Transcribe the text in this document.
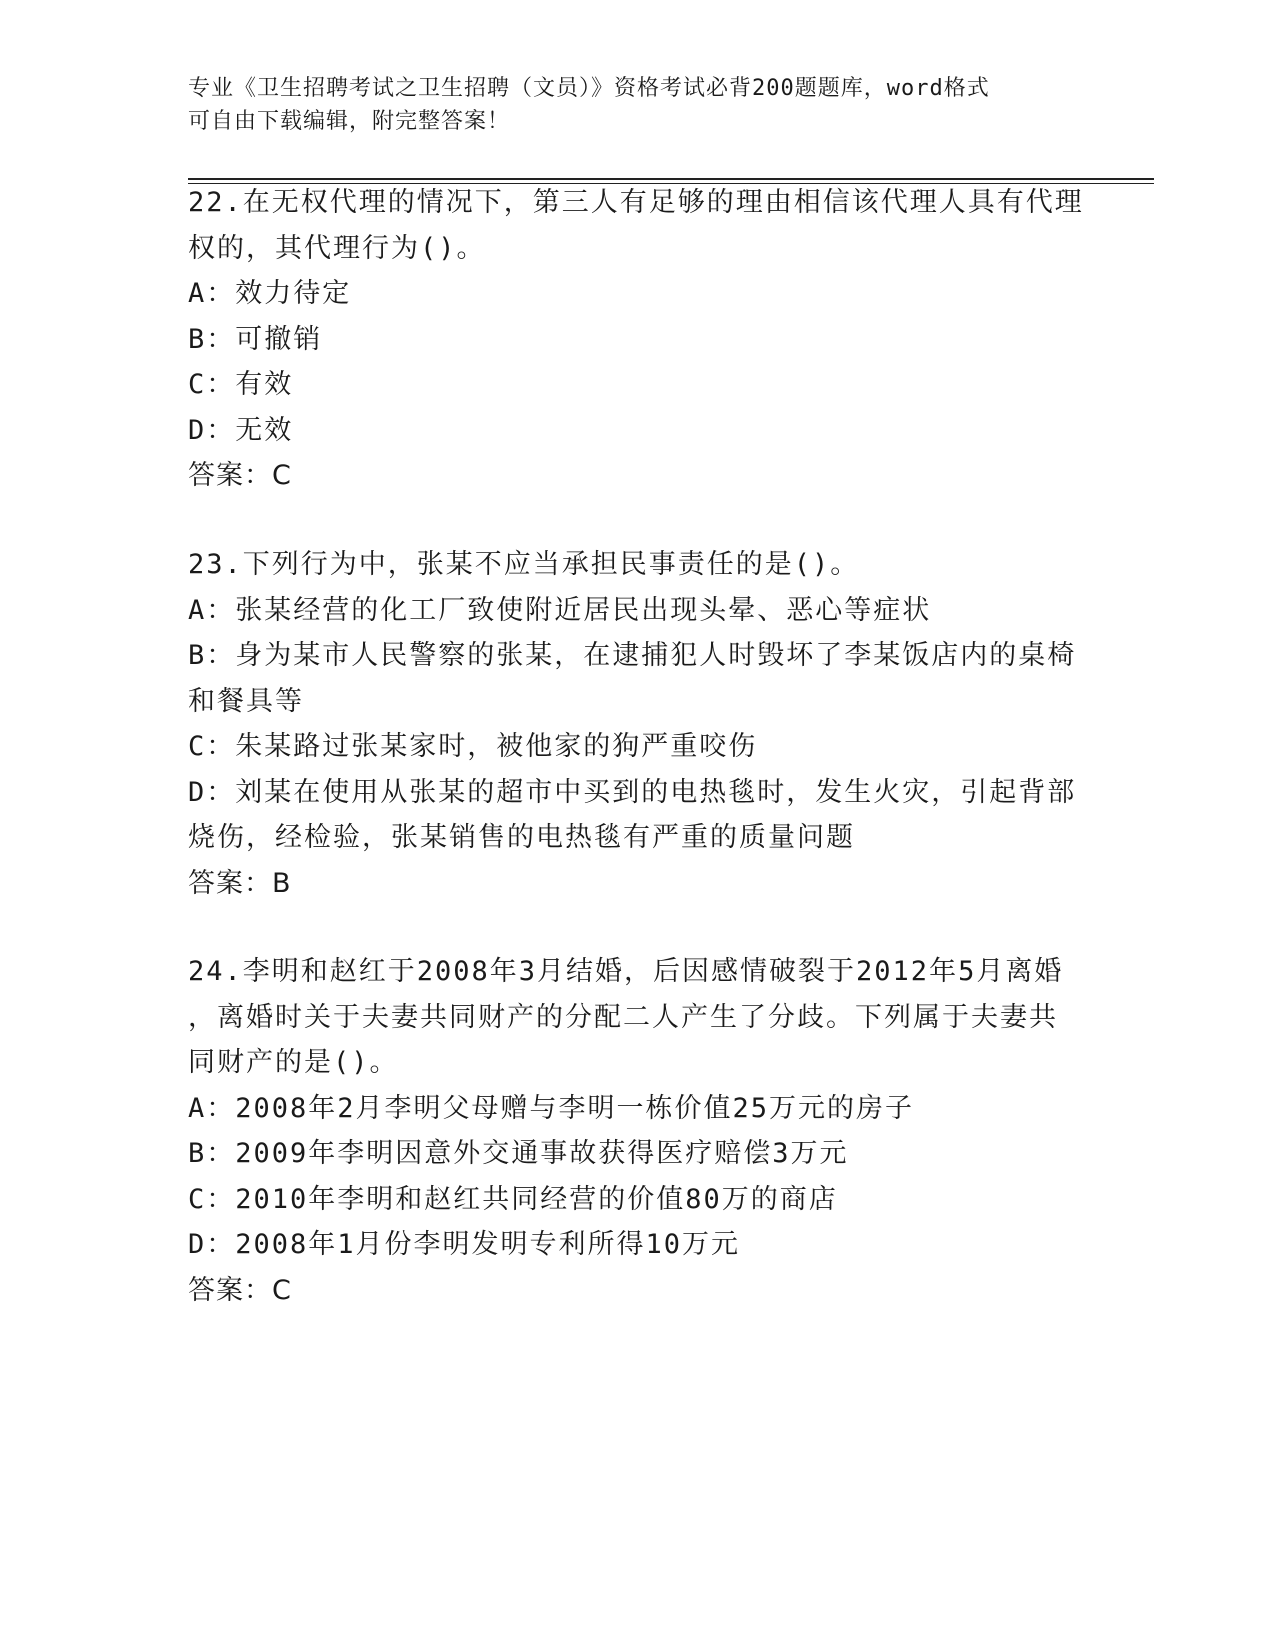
专业《卫生招聘考试之卫生招聘（文员）》资格考试必背200题题库，word格式
可自由下载编辑，附完整答案！
22.在无权代理的情况下，第三人有足够的理由相信该代理人具有代理
权的，其代理行为()。
A：效力待定
B：可撤销
C：有效
D：无效
答案：C
23.下列行为中，张某不应当承担民事责任的是()。
A：张某经营的化工厂致使附近居民出现头晕、恶心等症状
B：身为某市人民警察的张某，在逮捕犯人时毁坏了李某饭店内的桌椅
和餐具等
C：朱某路过张某家时，被他家的狗严重咬伤
D：刘某在使用从张某的超市中买到的电热毯时，发生火灾，引起背部
烧伤，经检验，张某销售的电热毯有严重的质量问题
答案：B
24.李明和赵红于2008年3月结婚，后因感情破裂于2012年5月离婚
，离婚时关于夫妻共同财产的分配二人产生了分歧。下列属于夫妻共
同财产的是()。
A：2008年2月李明父母赠与李明一栋价值25万元的房子
B：2009年李明因意外交通事故获得医疗赔偿3万元
C：2010年李明和赵红共同经营的价值80万的商店
D：2008年1月份李明发明专利所得10万元
答案：C
